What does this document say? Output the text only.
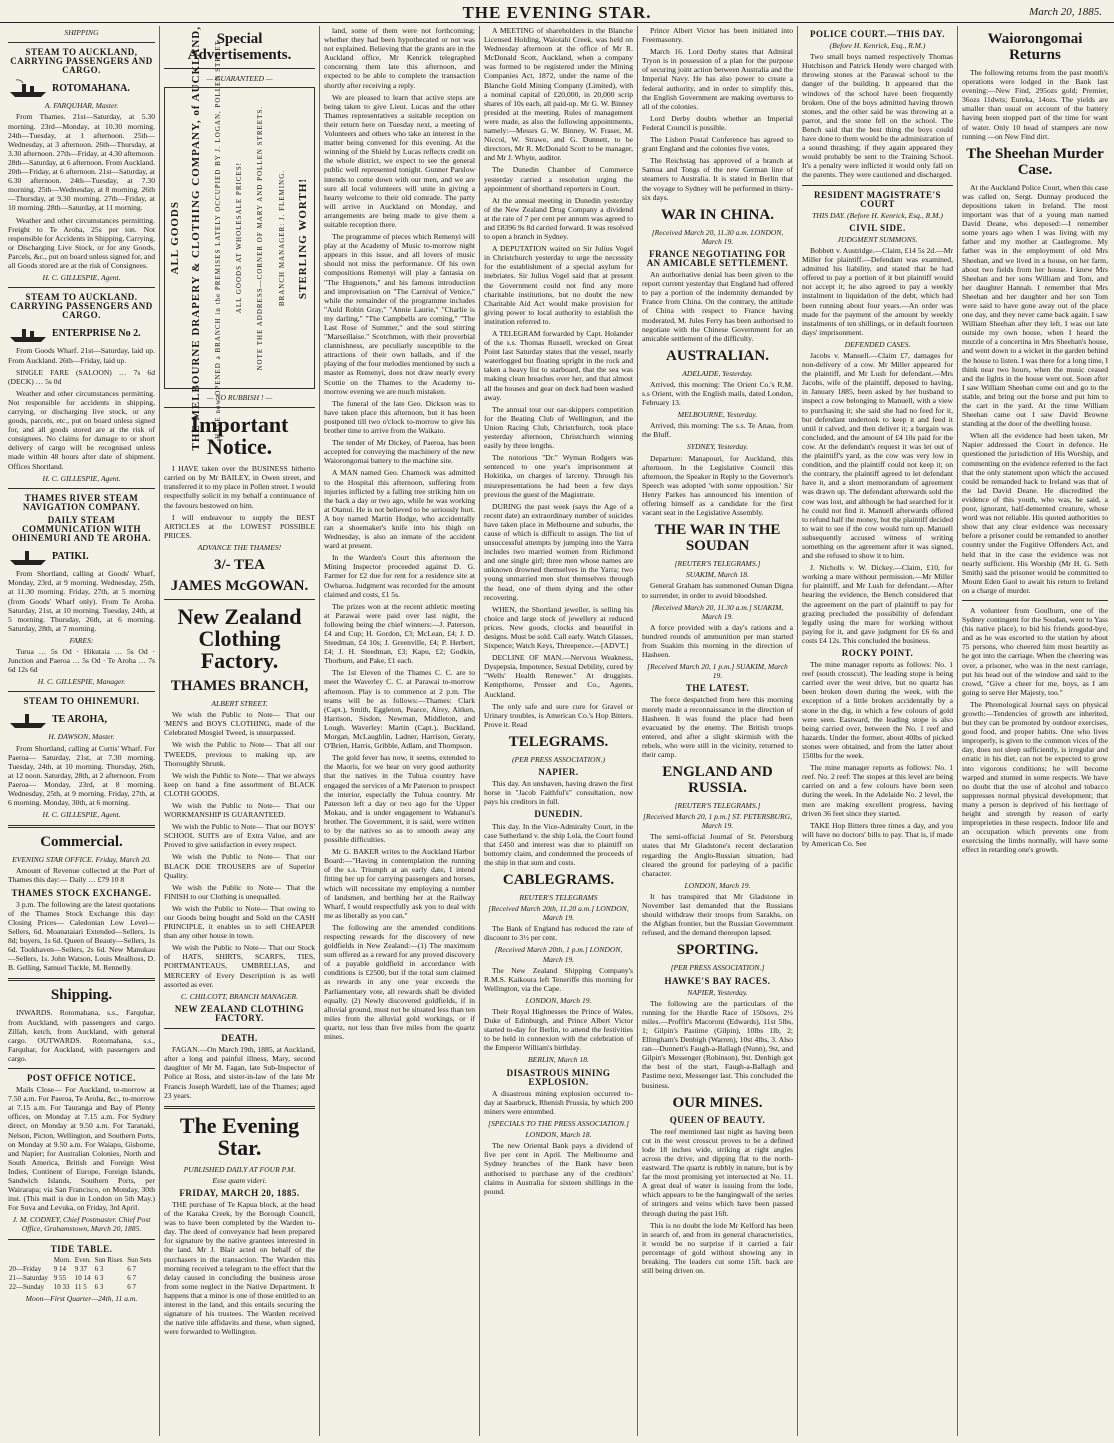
THE EVENING STAR.	March 20, 1885.
SHIPPING
STEAM TO AUCKLAND, CARRYING PASSENGERS AND CARGO.
ROTOMAHANA.
A. FARQUHAR, Master.

From Thames. 21st—Saturday, at 5.30 morning. 23rd—Monday, at 10.30 morning. 24th—Tuesday, at 1 afternoon. 25th—Wednesday, at 3 afternoon. 26th—Thursday, at 3.30 afternoon. 27th—Friday, at 4.30 afternoon. 28th—Saturday, at 6 afternoon. From Auckland. 20th—Friday, at 6 afternoon. 21st—Saturday, at 6.30 afternoon. 24th—Tuesday, at 7.30 morning. 25th—Wednesday, at 8 morning. 26th—Thursday, at 9.30 morning. 27th—Friday, at 10 morning. 28th—Saturday, at 11 morning.

Weather and other circumstances permitting. Freight to Te Aroha, 25s per ton. Not responsible for Accidents in Shipping, Carrying, or Discharging Live Stock, or for any Goods, Parcels, &c., put on board unless signed for, and all Goods stored are at the risk of Consignees.

H. C. GILLESPIE, Agent.
STEAM TO AUCKLAND. CARRYING PASSENGERS AND CARGO.
ENTERPRISE No 2.

From Goods Wharf. 21st—Saturday, laid up. From Auckland. 26th—Friday, laid up.

SINGLE FARE (SALOON) … 7s 6d (DECK) … 5s 0d

Weather and other circumstances permitting. Not responsible for accidents in shipping, carrying, or discharging live stock, or any goods, parcels, etc., put on board unless signed for, and all goods stored are at the risk of consignees. No claims for damage to or short delivery of cargo will be recognised unless made within 48 hours after date of shipment. Offices Shortland.

H. C. GILLESPIE, Agent.
THAMES RIVER STEAM NAVIGATION COMPANY.
DAILY STEAM COMMUNICATION WITH OHINEMURI AND TE AROHA.
PATIKI.

From Shortland, calling at Goods' Wharf, Monday, 23rd, at 9 morning. Wednesday, 25th, at 11.30 morning. Friday, 27th, at 5 morning (from Goods' Wharf only). From Te Aroha. Saturday, 21st, at 10 morning. Tuesday, 24th, at 5 morning. Thursday, 26th, at 6 morning. Saturday, 28th, at 7 morning.

FARES:

Turua … 5s Od · Hikutaia … 5s Od · Junction and Paeroa … 5s Od · Te Aroha … 7s 6d 12s 6d

H. C. GILLESPIE, Manager.
STEAM TO OHINEMURI.
TE AROHA,
H. DAWSON, Master.

From Shortland, calling at Curtis' Wharf. For Paeroa— Saturday, 21st, at 7.30 morning. Tuesday, 24th, at 10 morning. Thursday, 26th, at 12 noon. Saturday, 28th, at 2 afternoon. From Paeroa— Monday, 23rd, at 8 morning. Wednesday, 25th, at 9 morning. Friday, 27th, at 6 morning. Monday, 30th, at 6 morning.

H. C. GILLESPIE, Agent.
Commercial.
EVENING STAR OFFICE. Friday, March 20.

Amount of Revenue collected at the Port of Thames this day:— Daily … £79 10 8

THAMES STOCK EXCHANGE.

3 p.m. The following are the latest quotations of the Thames Stock Exchange this day: Closing Prices— Caledonian Low Level—Sellers, 6d. Moanataiari Extended—Sellers, 1s 8d; buyers, 1s 6d. Queen of Beauty—Sellers, 1s 6d. Tookhaven—Sellers, 2s 6d. New Manukau—Sellers, 1s. John Watson, Louis Mealhoss, D. B. Gelling, Samuel Tuckle, M. Rennelly.

Shipping.

INWARDS. Rotomahana, s.s., Farquhar, from Auckland, with passengers and cargo. Zillah, ketch, from Auckland, with general cargo. OUTWARDS. Rotomahana, s.s., Farquhar, for Auckland, with passengers and cargo.

POST OFFICE NOTICE.

Mails Close— For Auckland, to-morrow at 7.50 a.m. For Paeroa, Te Aroha, &c., to-morrow at 7.15 a.m. For Tauranga and Bay of Plenty offices, on Monday at 7.15 a.m. For Sydney direct, on Monday at 9.50 a.m. For Taranaki, Nelson, Picton, Wellington, and Southern Ports, on Monday at 9.50 a.m. For Waiapu, Gisborne, and Napier; for Australian Colonies, North and South America, British and Foreign West Indies, Continent of Europe, Foreign Islands, Sandwich Islands, Southern Ports, per Wairarapa; via San Francisco, on Monday, 30th inst. (This mail is due in London on 5th May.) For Suva and Levuka, on Friday, 3rd April.

J. M. CODNEY, Chief Postmaster. Chief Post Office, Grahamstown, March 20, 1885.
TIDE TABLE.
	Morn.	Even.	Sun Rises	Sun Sets
20—Friday	9 14	9 37	6 3	6 7
21—Saturday	9 55	10 14	6 3	6 7
22—Sunday	10 33	11 5	6 3	6 7
Moon—First Quarter—24th, 11 a.m.
Special Advertisements.
— GUARANTEED —
ALL GOODS THE MELBOURNE DRAPERY & CLOTHING COMPANY, of AUCKLAND, HAVE now OPENED a BRANCH in the PREMISES LATELY OCCUPIED BY J. LOGAN, POLLEN STREET. ALL GOODS AT WHOLESALE PRICES! NOTE THE ADDRESS—CORNER OF MARY AND POLLEN STREETS. BRANCH MANAGER: J. FLEMING. STERLING WORTH!
— NO RUBBISH ! —
Important Notice.

I HAVE taken over the BUSINESS hitherto carried on by Mr BAILEY, in Owen street, and transferred it to my place in Pollen street. I would respectfully solicit in my behalf a continuance of the favours bestowed on him.

I will endeavour to supply the BEST ARTICLES at the LOWEST POSSIBLE PRICES.

ADVANCE THE THAMES!
3/- TEA
JAMES McGOWAN.
New Zealand Clothing Factory.
THAMES BRANCH,
ALBERT STREET.

We wish the Public to Note— That our 'MEN'S and BOYS CLOTHING, made of the Celebrated Mosgiel Tweed, is unsurpassed.

We wish the Public to Note— That all our TWEEDS, previous to making up, are Thoroughly Shrunk.

We wish the Public to Note— That we always keep on hand a fine assortment of BLACK CLOTH GOODS.

We wish the Public to Note— That our WORKMANSHIP IS GUARANTEED.

We wish the Public to Note— That our BOYS' SCHOOL SUITS are of Extra Value, and are Proved to give satisfaction in every respect.

We wish the Public to Note— That our BLACK DOE TROUSERS are of Superior Quality.

We wish the Public to Note— That the FINISH to our Clothing is unequalled.

We wish the Public to Note— That owing to our Goods being bought and Sold on the CASH PRINCIPLE, it enables us to sell CHEAPER than any other house in town.

We wish the Public to Note— That our Stock of HATS, SHIRTS, SCARFS, TIES, PORTMANTEAUS, UMBRELLAS, and MERCERY of Every Description is as well assorted as ever.

C. CHILCOTT, BRANCH MANAGER.
NEW ZEALAND CLOTHING FACTORY.
DEATH.

FAGAN.—On March 19th, 1885, at Auckland, after a long and painful illness, Mary, second daughter of Mr M. Fagan, late Sub-Inspector of Police at Ross, and sister-in-law of the late Mr Francis Joseph Wardell, late of the Thames; aged 23 years.

The Evening Star.
PUBLISHED DAILY AT FOUR P.M.
Esse quam videri.
FRIDAY, MARCH 20, 1885.

THE purchase of Te Kapua block, at the head of the Karaka Creek, by the Borough Council, was to have been completed by the Warden to-day. The deed of conveyance had been prepared for signature by the native grantees interested in the land. Mr J. Blair acted on behalf of the purchasers in the transaction. The Warden this morning received a telegram to the effect that the delay caused in concluding the business arose from some neglect in the Native Department. It happens that a minor is one of those entitled to an interest in the land, and this entails securing the signature of his trustees. The Warden received the native title affidavits and these, when signed, were forwarded to Wellington.

land, some of them were not forthcoming; whether they had been hypothecated or not was not explained. Believing that the grants are in the Auckland office, Mr Kenrick telegraphed concerning them late this afternoon, and expected to be able to complete the transaction shortly after receiving a reply.

We are pleased to learn that active steps are being taken to give Lieut. Lucas and the other Thames representatives a suitable reception on their return here on Tuesday next, a meeting of Volunteers and others who take an interest in the matter being convened for this evening. At the winning of the Shield by Lucas reflects credit on the whole district, we expect to see the general public well represented tonight. Gunner Parslow intends to come down with our men, and we are sure all local volunteers will unite in giving a hearty welcome to their old comrade. The party will arrive in Auckland on Monday, and arrangements are being made to give them a suitable reception there.

The programme of pieces which Remenyi will play at the Academy of Music to-morrow night appears in this issue, and all lovers of music should not miss the performance. Of his own compositions Remenyi will play a fantasia on "The Huguenots," and his famous introduction and improvisation on "The Carnival of Venice," while the remainder of the programme includes "Auld Robin Gray," "Annie Laurie," "Charlie is my darling," "The Campbells are coming," "The Last Rose of Summer," and the soul stirring "Marseillaise." Scotchmen, with their proverbial clannishness, are peculiarly susceptible to the attractions of their own ballads, and if the playing of the four melodies mentioned by such a master as Remenyi, does not draw nearly every Scottie on the Thames to the Academy to-morrow evening we are much mistaken.

The funeral of the late Geo. Dickson was to have taken place this afternoon, but it has been postponed till two o'clock to-morrow to give his brother time to arrive from the Waikato.

The tender of Mr Dickey, of Paeroa, has been accepted for conveying the machinery of the new Waiorongomai battery to the machine site.

A MAN named Geo. Chamock was admitted to the Hospital this afternoon, suffering from injuries inflicted by a falling tree striking him on the back a day or two ago, while he was working at Otanui. He is not believed to be seriously hurt. A boy named Martin Hodge, who accidentally ran a shoemaker's knife into his thigh on Wednesday, is also an inmate of the accident ward at present.

In the Warden's Court this afternoon the Mining Inspector proceeded against D. G. Farmer for £2 due for rent for a residence site at Owharoa. Judgment was recorded for the amount claimed and costs, £1 5s.

The prizes won at the recent athletic meeting at Parawai were paid over last night, the following being the chief winners:—J. Paterson, £4 and Cup; H. Gordon, £3; McLean, £4; J. D. Steedman, £4 10s; J. Greenville, £4; P. Herbert, £4; J. H. Steedman, £3; Kapu, £2; Godkin, Thorburn, and Pake, £1 each.

The 1st Eleven of the Thames C. C. are to meet the Waverley C. C. at Parawai to-morrow afternoon. Play is to commence at 2 p.m. The teams will be as follows:—Thames: Clark (Capt.), Smith, Eggleton, Pearce, Airey, Aitken, Harrison, Sisdon, Newman, Middleton, and Lough. Waverley: Martin (Capt.), Buckland, Morgan, McLaughlin, Ladner, Harrison, Geraty, O'Brien, Harris, Gribble, Adlam, and Thompson.

The gold fever has now, it seems, extended to the Maoris, for we hear on very good authority that the natives in the Tuhua country have engaged the services of a Mr Paterson to prospect the interior, especially the Tuhua country. Mr Paterson left a day or two ago for the Upper Mokau, and is under engagement to Wahanui's brother. The Government, it is said, were written to by the natives so as to smooth away any possible difficulties.

Mr G. BAKER writes to the Auckland Harbor Board:—"Having in contemplation the running of the s.s. Triumph at an early date, I intend fitting her up for carrying passengers and horses, which will necessitate my employing a number of landsmen, and berthing her at the Railway Wharf, I would respectfully ask you to deal with me as liberally as you can."

The following are the amended conditions respecting rewards for the discovery of new goldfields in New Zealand:—(1) The maximum sum offered as a reward for any proved discovery of a payable goldfield in accordance with conditions is £2500, but if the total sum claimed as rewards in any one year exceeds the Parliamentary vote, all rewards shall be divided equally. (2) Newly discovered goldfields, if in alluvial ground, must not be situated less than ten miles from the alluvial gold workings, or if quartz, not less than five miles from the quartz mines.

A MEETING of shareholders in the Blanche Licensed Holding, Waiotahi Creek, was held on Wednesday afternoon at the office of Mr R. McDonald Scott, Auckland, when a company was formed to be registered under the Mining Companies Act, 1872, under the name of the Blanche Gold Mining Company (Limited), with a nominal capital of £20,000, in 20,000 scrip shares of 10s each, all paid-up. Mr G. W. Binney presided at the meeting. Rules of management were made, as also the following appointments, namely:—Messrs G. W. Binney, W. Fraser, M. Niccol, W. Strawe, and G. Dunnett, to be directors, Mr R. McDonald Scott to be manager, and Mr J. Whyte, auditor.

The Dunedin Chamber of Commerce yesterday carried a resolution urging the appointment of shorthand reporters in Court.

At the annual meeting in Dunedin yesterday of the New Zealand Drug Company a dividend at the rate of 7 per cent per annum was agreed to and £8396 9s 8d carried forward. It was resolved to open a branch in Sydney.

A DEPUTATION waited on Sir Julius Vogel in Christchurch yesterday to urge the necessity for the establishment of a special asylum for inebriates. Sir Julius Vogel said that at present the Government could not find any more charitable institutions, but no doubt the new Charitable Aid Act would make provision for giving power to local authority to establish the institution referred to.

A TELEGRAM forwarded by Capt. Holander of the s.s. Thomas Russell, wrecked on Great Point last Saturday states that the vessel, nearly waterlogged but floating upright in the rock and taken a heavy list to starboard, that the sea was making clean breaches over her, and that almost all the houses and gear on deck had been washed away.

The annual tour our oar-skippers competition for the Beating Club of Wellington, and the Union Racing Club, Christchurch, took place yesterday afternoon, Christchurch winning easily by three lengths.

The notorious "Dr." Wyman Rodgers was sentenced to one year's imprisonment at Hokitika, on charges of larceny. Through his misrepresentations he had been a few days previous the guest of the Magistrate.

DURING the past week (says the Age of a recent date) an extraordinary number of suicides have taken place in Melbourne and suburbs, the cause of which is difficult to assign. The list of unsuccessful attempts by jumping into the Yarra includes two married women from Richmond and one single girl; three men whose names are unknown drowned themselves in the Yarra; two young unmarried men shot themselves through the head, one of them dying and the other recovering.

WHEN, the Shortland jeweller, is selling his choice and large stock of jewellery at reduced prices. New goods, clocks and beautiful in designs. Must be sold. Call early. Watch Glasses, Sixpence; Watch Keys, Threepence.—[ADVT.]

DECLINE OF MAN.—Nervous Weakness, Dyspepsia, Impotence, Sexual Debility, cured by "Wells' Health Renewer." At druggists. Kempthorne, Prosser and Co., Agents, Auckland.

The only safe and sure cure for Gravel or Urinary troubles, is American Co.'s Hop Bitters. Prove it. Read

TELEGRAMS.
(PER PRESS ASSOCIATION.)
NAPIER.

This day. An unshaven, having drawn the first horse in "Jacob Faithful's" consultation, now pays his creditors in full.

DUNEDIN.

This day. In the Vice-Admiralty Court, in the case Sutherland v. the ship Lola, the Court found that £450 and interest was due to plaintiff on bottomry claim, and condemned the proceeds of the ship in that sum and costs.

CABLEGRAMS.
REUTER'S TELEGRAMS
[Received March 20th, 11.20 a.m.] LONDON, March 19.

The Bank of England has reduced the rate of discount to 3½ per cent.

[Received March 20th, 1 p.m.] LONDON, March 19.

The New Zealand Shipping Company's R.M.S. Kaikoura left Teneriffe this morning for Wellington, via the Cape.

LONDON, March 19.

Their Royal Highnesses the Prince of Wales, Duke of Edinburgh, and Prince Albert Victor started to-day for Berlin, to attend the festivities to be held in connexion with the celebration of the Emperor William's birthday.

BERLIN, March 18.
DISASTROUS MINING EXPLOSION.

A disastrous mining explosion occurred to-day at Saarbruck, Rhenish Prussia, by which 200 miners were entombed.

[SPECIALS TO THE PRESS ASSOCIATION.]
LONDON, March 18.

The new Oriental Bank pays a dividend of five per cent in April. The Melbourne and Sydney branches of the Bank have been authorised to purchase any of the creditors' claims in Australia for sixteen shillings in the pound.

Prince Albert Victor has been initiated into Freemasonry.

March 16. Lord Derby states that Admiral Tryon is in possession of a plan for the purpose of securing joint action between Australia and the Imperial Navy. He has also power to create a federal authority, and in order to simplify this, the English Government are making overtures to all of the colonies.

Lord Derby doubts whether an Imperial Federal Council is possible.

The Lisbon Postal Conference has agreed to grant England and the colonies five votes.

The Reichstag has approved of a branch at Samoa and Tongs of the new German line of steamers to Australia. It is stated in Berlin that the voyage to Sydney will be performed in thirty-six days.

WAR IN CHINA.
[Received March 20, 11.30 a.m. LONDON, March 19.
FRANCE NEGOTIATING FOR AN AMICABLE SETTLEMENT.

An authoritative denial has been given to the report current yesterday that England had offered to pay a portion of the indemnity demanded by France from China. On the contrary, the attitude of China with respect to France having moderated, M. Jules Ferry has been authorised to negotiate with the Chinese Government for an amicable settlement of the difficulty.

AUSTRALIAN.
ADELAIDE, Yesterday.

Arrived, this morning: The Orient Co.'s R.M. s.s Orient, with the English mails, dated London, February 13.

MELBOURNE, Yesterday.

Arrived, this morning: The s.s. Te Anau, from the Bluff.

SYDNEY, Yesterday.

Departure: Manapouri, for Auckland, this afternoon. In the Legislative Council this afternoon, the Speaker in Reply to the Governor's Speech was adopted 'with some opposition.' Sir Henry Parkes has announced his intention of offering himself as a candidate for the first vacant seat in the Legislative Assembly.

THE WAR IN THE SOUDAN
[REUTER'S TELEGRAMS.]
SUAKIM, March 18.

General Graham has summoned Osman Digna to surrender, in order to avoid bloodshed.

[Received March 20, 11.30 a.m.] SUAKIM, March 19.

A force provided with a day's rations and a hundred rounds of ammunition per man started from Suakim this morning in the direction of Hasheen.

[Received March 20, 1 p.m.] SUAKIM, March 19.
THE LATEST.

The force despatched from here this morning merely made a reconnaissance in the direction of Hasheen. It was found the place had been evacuated by the enemy. The British troops entered, and after a slight skirmish with the rebels, who were still in the vicinity, returned to their camp.

ENGLAND AND RUSSIA.
[REUTER'S TELEGRAMS.]
[Received March 20, 1 p.m.] ST. PETERSBURG, March 19.

The semi-official Journal of St. Petersburg states that Mr Gladstone's recent declaration regarding the Anglo-Russian situation, had cleared the ground for parleying of a pacific character.

LONDON, March 19.

It has transpired that Mr Gladstone in November last demanded that the Russians should withdraw their troops from Sarakhs, on the Afghan frontier, but the Russian Government refused, and the demand thereupon lapsed.

SPORTING.
[PER PRESS ASSOCIATION.]
HAWKE'S BAY RACES.
NAPIER, Yesterday.

The following are the particulars of the running for the Hurdle Race of 150sovs, 2½ miles.—Proffit's Macoroni (Edwards), 11st 5lbs, 1; Gilpin's Pastime (Gilpin), 10lbs 1lb, 2; Ellingham's Denbigh (Warren), 10st 4lbs, 3. Also ran—Dunnett's Faugh-a-Ballagh (Nunn), 9st, and Gilpin's Messenger (Robinson), 9st. Denbigh got the best of the start, Faugh-a-Ballagh and Pastime next, Messenger last. This concluded the business.

OUR MINES.
QUEEN OF BEAUTY.

The reef mentioned last night as having been cut in the west crosscut proves to be a defined lode 18 inches wide, striking at right angles across the drive, and dipping flat to the north-eastward. The quartz is rubbly in nature, but is by far the most promising yet intersected at No. 11. A great deal of water is issuing from the lode, which appears to be the hangingwall of the series of stringers and veins which have been passed through during the past 16ft.

This is no doubt the lode Mr Kelford has been in search of, and from its general characteristics, it would be no surprise if it carried a fair percentage of gold without showing any in breaking. The leaders cut some 15ft. back are still being driven on.

POLICE COURT.—THIS DAY.
(Before H. Kenrick, Esq., R.M.)

Two small boys named respectively Thomas Hutchison and Patrick Hendy were charged with throwing stones at the Parawai school to the danger of the building. It appeared that the windows of the school have been frequently broken. One of the boys admitted having thrown stones, and the other said he was throwing at a parrot, and the stone fell on the school. The Bench said that the best thing the boys could have done to them would be the administration of a sound thrashing; if they again appeared they would probably be sent to the Training School. It's a penalty were inflicted it would only fall on the parents. They were cautioned and discharged.

RESIDENT MAGISTRATE'S COURT
THIS DAY. (Before H. Kenrick, Esq., R.M.)
CIVIL SIDE.
JUDGMENT SUMMONS.

Bobbett v. Austridge.—Claim, £14 5s 2d.—Mr Miller for plaintiff.—Defendant was examined, admitted his liability, and stated that he had offered to pay a portion of it but plaintiff would not accept it; he also agreed to pay a weekly instalment in liquidation of the debt, which had been running about four years.—An order was made for the payment of the amount by weekly instalments of ten shillings, or in default fourteen days' imprisonment.

DEFENDED CASES.

Jacobs v. Manuell.—Claim £7, damages for non-delivery of a cow. Mr Miller appeared for the plaintiff, and Mr Lush for defendant.—Mrs Jacobs, wife of the plaintiff, deposed to having, in January 1885, been asked by her husband to inspect a cow belonging to Manuell, with a view to purchasing it; she said she had no feed for it, but defendant undertook to keep it and feed it until it calved, and then deliver it; a bargain was concluded, and the amount of £4 10s paid for the cow. At the defendant's request it was let out of the plaintiff's yard, as the cow was very low in condition, and the plaintiff could not keep it; on the contrary, the plaintiff agreed to let defendant have it, and a short memorandum of agreement was drawn up. The defendant afterwards sold the cow was lost, and although he had searched for it he could not find it. Manuell afterwards offered to refund half the money, but the plaintiff decided to wait to see if the cow would turn up. Manuell subsequently accused witness of writing something on the agreement after it was signed, and she refused to show it to him.

J. Nicholls v. W. Dickey.—Claim, £10, for working a mare without permission.—Mr Miller for plaintiff, and Mr Lush for defendant.—After hearing the evidence, the Bench considered that the agreement on the part of plaintiff to pay for grazing precluded the possibility of defendant legally using the mare for working without paying for it, and gave judgment for £6 6s and costs £4 12s. This concluded the business.

ROCKY POINT.

The mine manager reports as follows: No. 1 reef (south crosscut). The leading stope is being carried over the west drive, but no quartz has been broken down during the week, with the exception of a little broken accidentally by a stone in the dig, in which a few colours of gold were seen. Eastward, the leading stope is also being carried over, between the No. 1 reef and hazards. Under the former, about 40lbs of picked stones were obtained, and from the latter about 150lbs for the week.

The mine manager reports as follows: No. 1 reef. No. 2 reef: The stopes at this level are being carried on and a few colours have been seen during the week. In the Adelaide No. 2 level, the men are making excellent progress, having driven 36 feet since they started.

TAKE Hop Bitters three times a day, and you will have no doctors' bills to pay. That is, if made by American Co. See

Waiorongomai Returns

The following returns from the past month's operations were lodged in the Bank last evening:—New Find, 295ozs gold; Premier, 36ozs 11dwts; Eureka, 14ozs. The yields are smaller than usual on account of the battery having been stopped part of the time for want of water. Only 10 head of stampers are now running —on New Find dirt.

The Sheehan Murder Case.

At the Auckland Police Court, when this case was called on, Sergt. Dunnay produced the depositions taken in Ireland. The most important was that of a young man named David Deane, who deposed:—I remember some years ago when I was living with my father and my mother at Castlegrome. My father was in the employment of old Mrs Sheehan, and we lived in a house, on her farm, about two fields from her house. I knew Mrs Sheehan and her sons William and Tom, and her daughter Hannah. I remember that Mrs Sheehan and her daughter and her son Tom were said to have gone away out of the place one day, and they never came back again. I saw William Sheehan after they left. I was out late outside my own house, when I heard the muzzle of a concertina in Mrs Sheehan's house, and went down to a wicket in the garden behind the house to listen. I was there for a long time, I think near two hours, when the music ceased and the lights in the house went out. Soon after I saw William Sheehan come out and go to the stable, and bring out the horse and put him to the cart in the yard. At the time William Sheehan came out I saw David Browne standing at the door of the dwelling house.

When all the evidence had been taken, Mr Napier addressed the Court in defence. He questioned the jurisdiction of His Worship, and commenting on the evidence referred to the fact that the only statement upon which the accused could be remanded back to Ireland was that of the lad David Deane. He discredited the evidence of this youth, who was, he said, a poor, ignorant, half-demented creature, whose word was not reliable. His quoted authorities to show that any clear evidence was necessary before a prisoner could be remanded to another country under the Fugitive Offenders Act, and held that in the case the evidence was not nearly sufficient. His Worship (Mr H. G. Seth Smith) said the prisoner would be committed to Mount Eden Gaol to await his return to Ireland on a charge of murder.

A volunteer from Goulburn, one of the Sydney contingent for the Soudan, went to Yass (his native place), to bid his friends good-bye, and as he was escorted to the station by about 75 persons, who cheered him most heartily as he got into the carriage. When the cheering was over, a prisoner, who was in the next carriage, put his head out of the window and said to the crowd, "Give a cheer for me, boys, as I am going to serve Her Majesty, too."

The Phrenological Journal says on physical growth:—Tendencies of growth are inherited, but they can be promoted by outdoor exercises, good food, and proper habits. One who lives improperly, is given to the common vices of the day, does not sleep sufficiently, is irregular and erratic in his diet, can not be expected to grow into vigorous conditions; he will become warped and stunted in some respects. We have no doubt that the use of alcohol and tobacco suppresses normal physical development; that many a person is deprived of his heritage of height and strength by reason of early improprieties in these respects. Indoor life and an occupation which prevents one from exercising the limbs normally, will have some effect in retarding one's growth.
